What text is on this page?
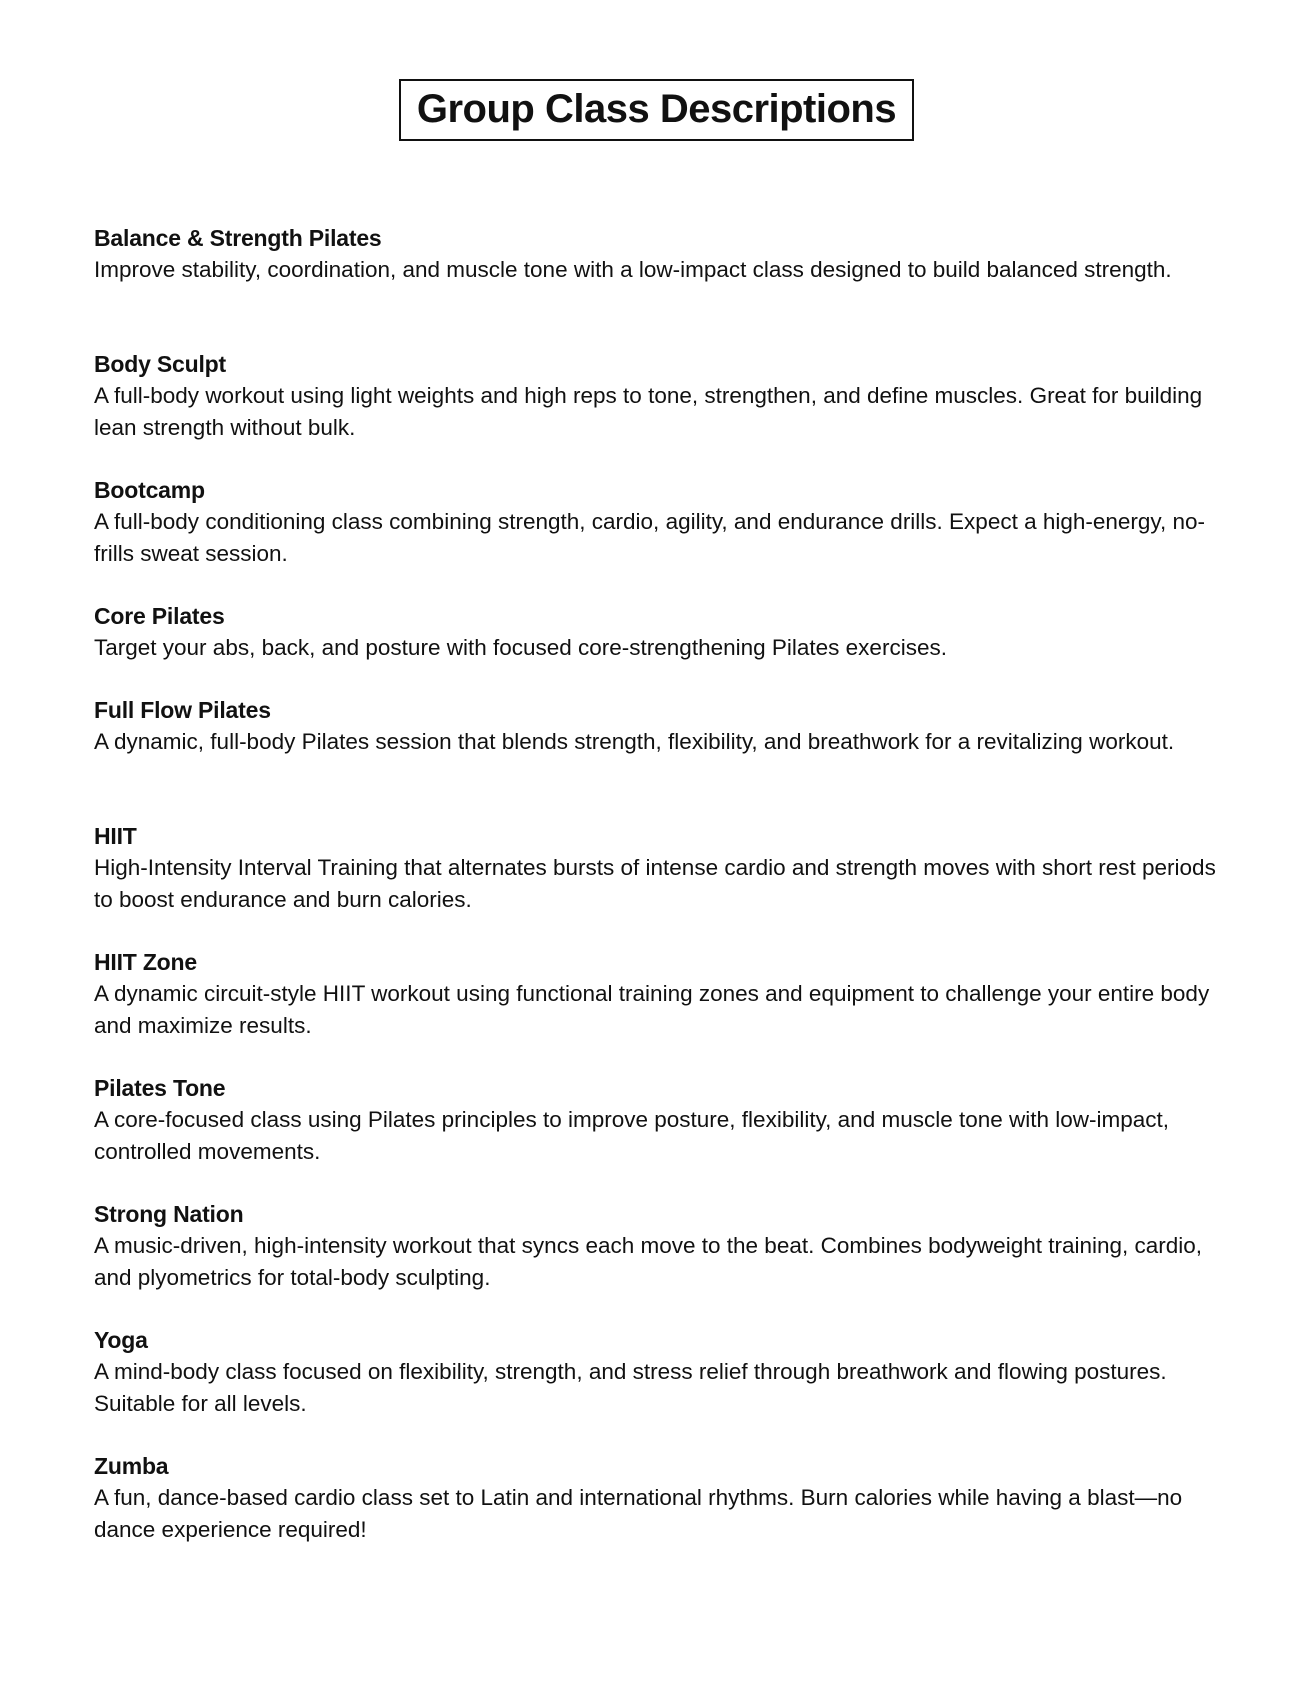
Group Class Descriptions
Balance & Strength Pilates

Improve stability, coordination, and muscle tone with a low-impact class designed to build balanced strength.

Body Sculpt

A full-body workout using light weights and high reps to tone, strengthen, and define muscles. Great for building lean strength without bulk.

Bootcamp

A full-body conditioning class combining strength, cardio, agility, and endurance drills. Expect a high-energy, no-frills sweat session.

Core Pilates

Target your abs, back, and posture with focused core-strengthening Pilates exercises.

Full Flow Pilates

A dynamic, full-body Pilates session that blends strength, flexibility, and breathwork for a revitalizing workout.

HIIT

High-Intensity Interval Training that alternates bursts of intense cardio and strength moves with short rest periods to boost endurance and burn calories.

HIIT Zone

A dynamic circuit-style HIIT workout using functional training zones and equipment to challenge your entire body and maximize results.

Pilates Tone

A core-focused class using Pilates principles to improve posture, flexibility, and muscle tone with low-impact, controlled movements.

Strong Nation

A music-driven, high-intensity workout that syncs each move to the beat. Combines bodyweight training, cardio, and plyometrics for total-body sculpting.

Yoga

A mind-body class focused on flexibility, strength, and stress relief through breathwork and flowing postures. Suitable for all levels.

Zumba

A fun, dance-based cardio class set to Latin and international rhythms. Burn calories while having a blast—no dance experience required!
